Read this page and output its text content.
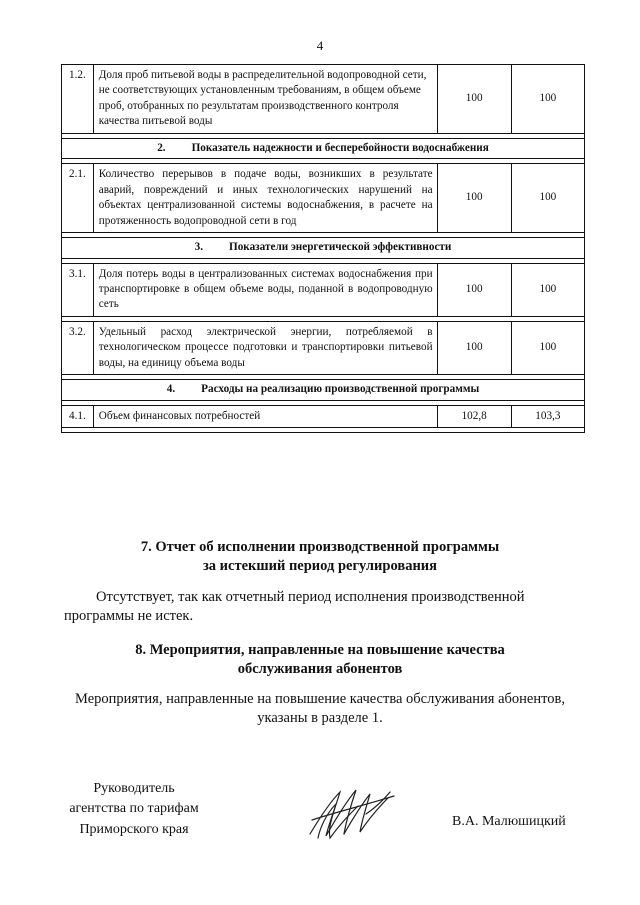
4
1.2.	Доля проб питьевой воды в распределительной водопроводной сети, не соответствующих установленным требованиям, в общем объеме проб, отобранных по результатам производственного контроля качества питьевой воды	100	100

2. Показатель надежности и бесперебойности водоснабжения			

2.1.	Количество перерывов в подаче воды, возникших в результате аварий, повреждений и иных технологических нарушений на объектах централизованной системы водоснабжения, в расчете на протяженность водопроводной сети в год	100	100

3. Показатели энергетической эффективности			

3.1.	Доля потерь воды в централизованных системах водоснабжения при транспортировке в общем объеме воды, поданной в водопроводную сеть	100	100

3.2.	Удельный расход электрической энергии, потребляемой в технологическом процессе подготовки и транспортировки питьевой воды, на единицу объема воды	100	100

4. Расходы на реализацию производственной программы			

4.1.	Объем финансовых потребностей	102,8	103,3

7. Отчет об исполнении производственной программы
за истекший период регулирования
Отсутствует, так как отчетный период исполнения производственной
программы не истек.
8. Мероприятия, направленные на повышение качества
обслуживания абонентов
Мероприятия, направленные на повышение качества обслуживания абонентов,
указаны в разделе 1.
Руководитель
агентства по тарифам
Приморского края
В.А. Малюшицкий
